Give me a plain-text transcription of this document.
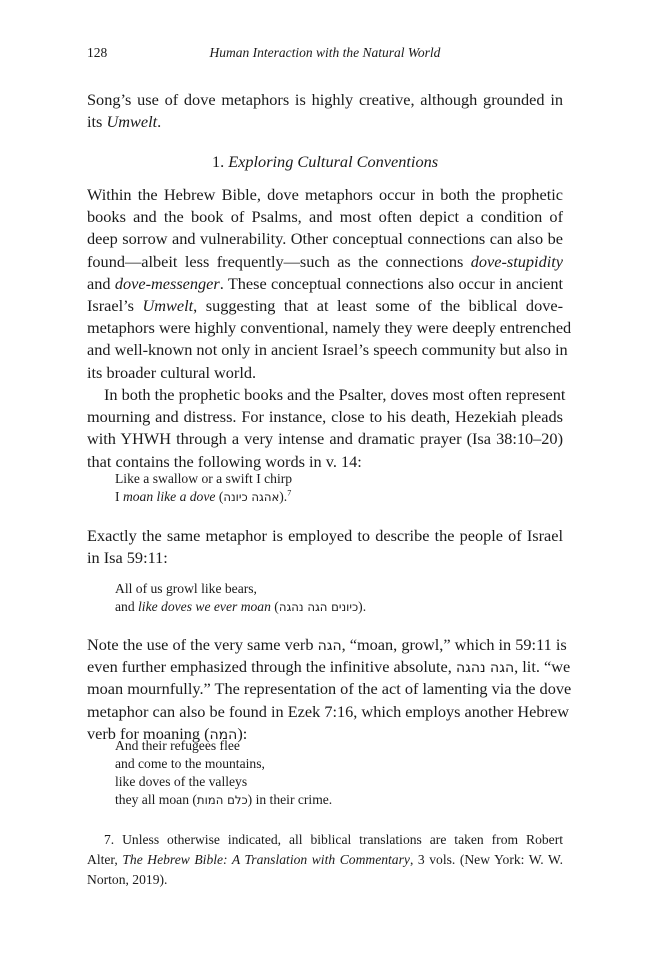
128	Human Interaction with the Natural World
Song’s use of dove metaphors is highly creative, although grounded in
its Umwelt.
1. Exploring Cultural Conventions
Within the Hebrew Bible, dove metaphors occur in both the prophetic
books and the book of Psalms, and most often depict a condition of
deep sorrow and vulnerability. Other conceptual connections can also be
found—albeit less frequently—such as the connections dove-stupidity
and dove-messenger. These conceptual connections also occur in ancient
Israel’s Umwelt, suggesting that at least some of the biblical dove-
metaphors were highly conventional, namely they were deeply entrenched
and well-known not only in ancient Israel’s speech community but also in
its broader cultural world.
In both the prophetic books and the Psalter, doves most often represent
mourning and distress. For instance, close to his death, Hezekiah pleads
with YHWH through a very intense and dramatic prayer (Isa 38:10–20)
that contains the following words in v. 14:
Like a swallow or a swift I chirp
I moan like a dove (אהגה כיונה).$^7$
Exactly the same metaphor is employed to describe the people of Israel
in Isa 59:11:
All of us growl like bears,
and like doves we ever moan (כיונים הגה נהגה).
Note the use of the very same verb הגה, “moan, growl,” which in 59:11 is
even further emphasized through the infinitive absolute, הגה נהגה, lit. “we
moan mournfully.” The representation of the act of lamenting via the dove
metaphor can also be found in Ezek 7:16, which employs another Hebrew
verb for moaning (המה):
And their refugees flee
and come to the mountains,
like doves of the valleys
they all moan (כלם המות) in their crime.
7. Unless otherwise indicated, all biblical translations are taken from Robert
Alter, The Hebrew Bible: A Translation with Commentary, 3 vols. (New York: W. W.
Norton, 2019).
